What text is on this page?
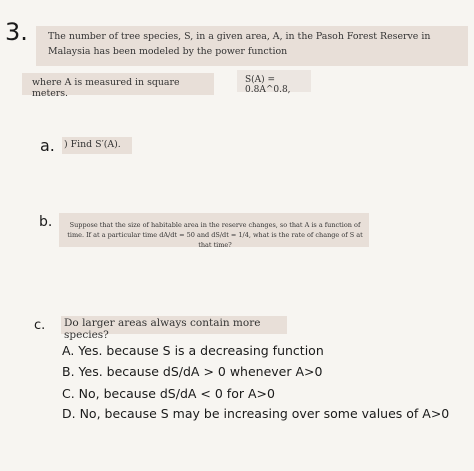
3. The number of tree species, S, in a given area, A, in the Pasoh Forest Reserve in Malaysia has been modeled by the power function
where A is measured in square meters.
S(A) = 0.8A^0.8,
a. ) Find S′(A).
b.	Suppose that the size of habitable area in the reserve changes, so that A is a function of time. If at a particular time dA/dt = 50 and dS/dt = 1/4, what is the rate of change of S at that time?
c. Do larger areas always contain more species?
A. Yes. because S is a decreasing function
B. Yes. because dS/dA > 0 whenever A>0
C. No, because dS/dA < 0 for A>0
D. No, because S may be increasing over some values of A>0
